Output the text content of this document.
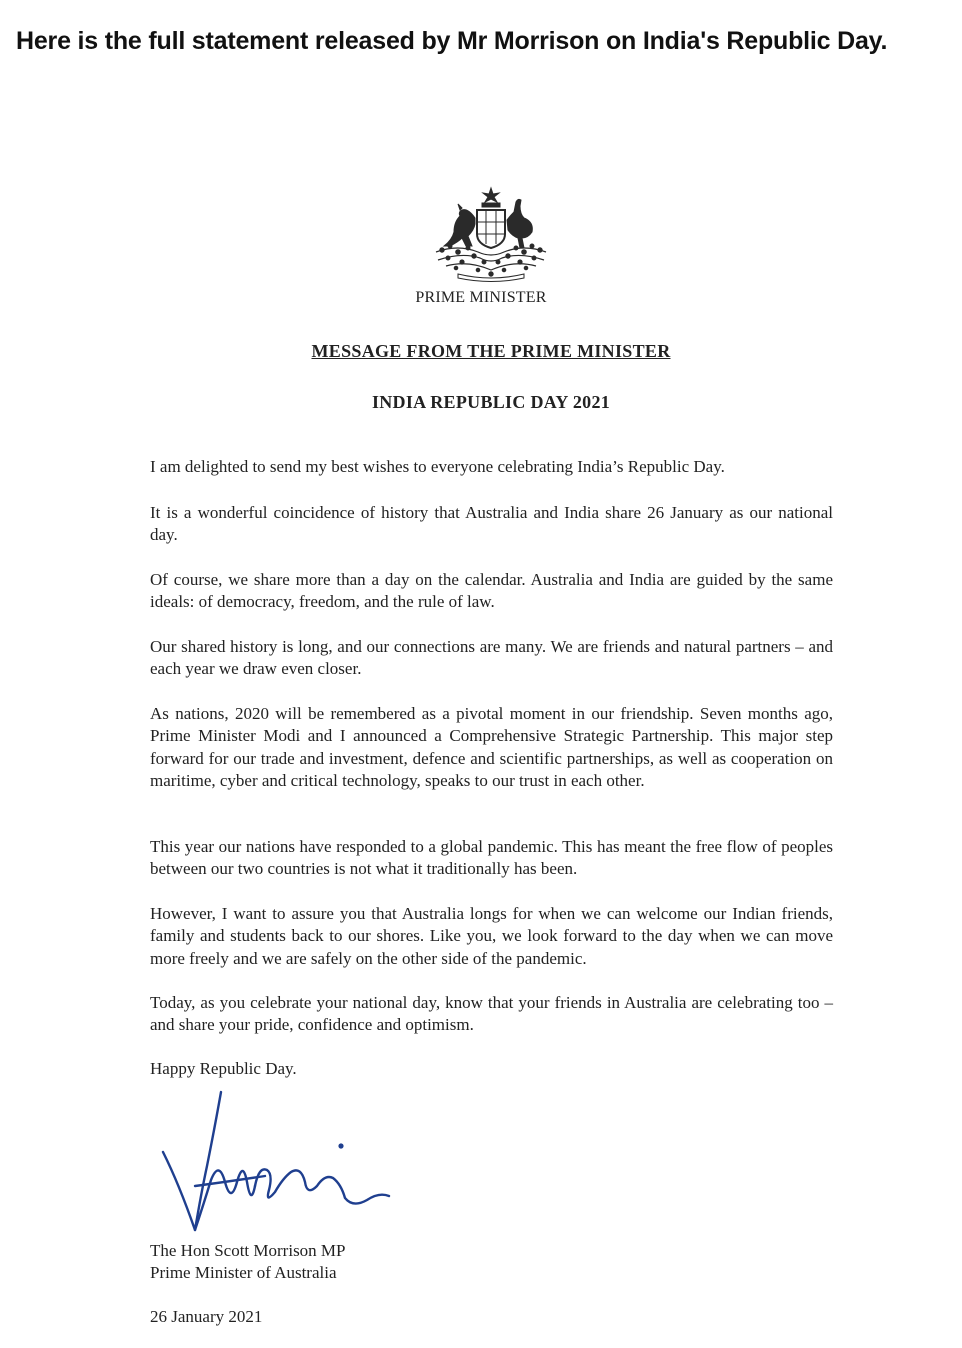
Here is the full statement released by Mr Morrison on India's Republic Day.
PRIME MINISTER
MESSAGE FROM THE PRIME MINISTER
INDIA REPUBLIC DAY 2021

I am delighted to send my best wishes to everyone celebrating India’s Republic Day.

It is a wonderful coincidence of history that Australia and India share 26 January as our national day.

Of course, we share more than a day on the calendar. Australia and India are guided by the same ideals: of democracy, freedom, and the rule of law.

Our shared history is long, and our connections are many. We are friends and natural partners – and each year we draw even closer.

As nations, 2020 will be remembered as a pivotal moment in our friendship. Seven months ago, Prime Minister Modi and I announced a Comprehensive Strategic Partnership. This major step forward for our trade and investment, defence and scientific partnerships, as well as cooperation on maritime, cyber and critical technology, speaks to our trust in each other.

This year our nations have responded to a global pandemic. This has meant the free flow of peoples between our two countries is not what it traditionally has been.

However, I want to assure you that Australia longs for when we can welcome our Indian friends, family and students back to our shores. Like you, we look forward to the day when we can move more freely and we are safely on the other side of the pandemic.

Today, as you celebrate your national day, know that your friends in Australia are celebrating too – and share your pride, confidence and optimism.

Happy Republic Day.

The Hon Scott Morrison MP
Prime Minister of Australia
26 January 2021
